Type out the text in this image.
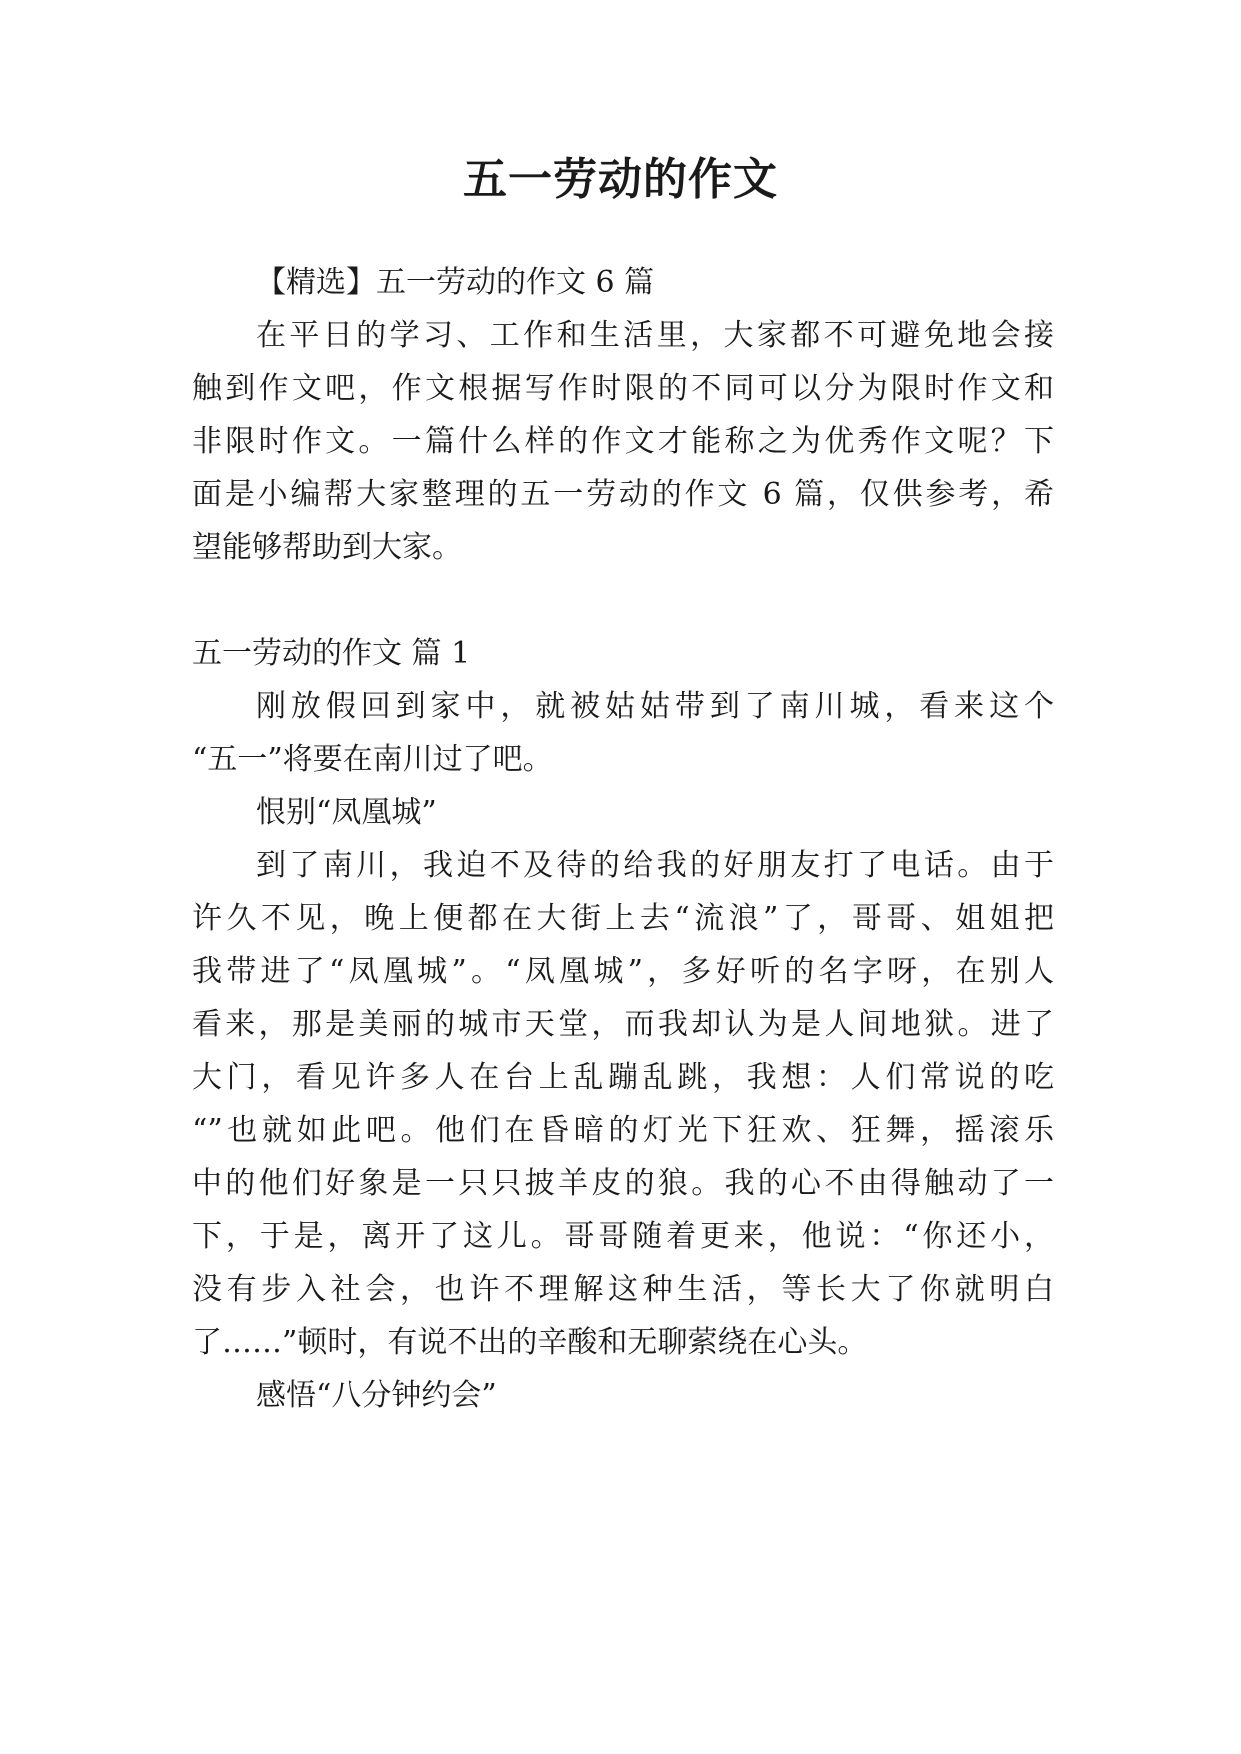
五一劳动的作文

【精选】五一劳动的作文 6 篇

在平日的学习、工作和生活里，大家都不可避免地会接

触到作文吧，作文根据写作时限的不同可以分为限时作文和

非限时作文。一篇什么样的作文才能称之为优秀作文呢？下

面是小编帮大家整理的五一劳动的作文 6 篇，仅供参考，希

望能够帮助到大家。

五一劳动的作文 篇 1

刚放假回到家中，就被姑姑带到了南川城，看来这个

“五一”将要在南川过了吧。

恨别“凤凰城”

到了南川，我迫不及待的给我的好朋友打了电话。由于

许久不见，晚上便都在大街上去“流浪”了，哥哥、姐姐把

我带进了“凤凰城”。“凤凰城”，多好听的名字呀，在别人

看来，那是美丽的城市天堂，而我却认为是人间地狱。进了

大门，看见许多人在台上乱蹦乱跳，我想：人们常说的吃

“”也就如此吧。他们在昏暗的灯光下狂欢、狂舞，摇滚乐

中的他们好象是一只只披羊皮的狼。我的心不由得触动了一

下，于是，离开了这儿。哥哥随着更来，他说：“你还小，

没有步入社会，也许不理解这种生活，等长大了你就明白

了……”顿时，有说不出的辛酸和无聊萦绕在心头。

感悟“八分钟约会”
